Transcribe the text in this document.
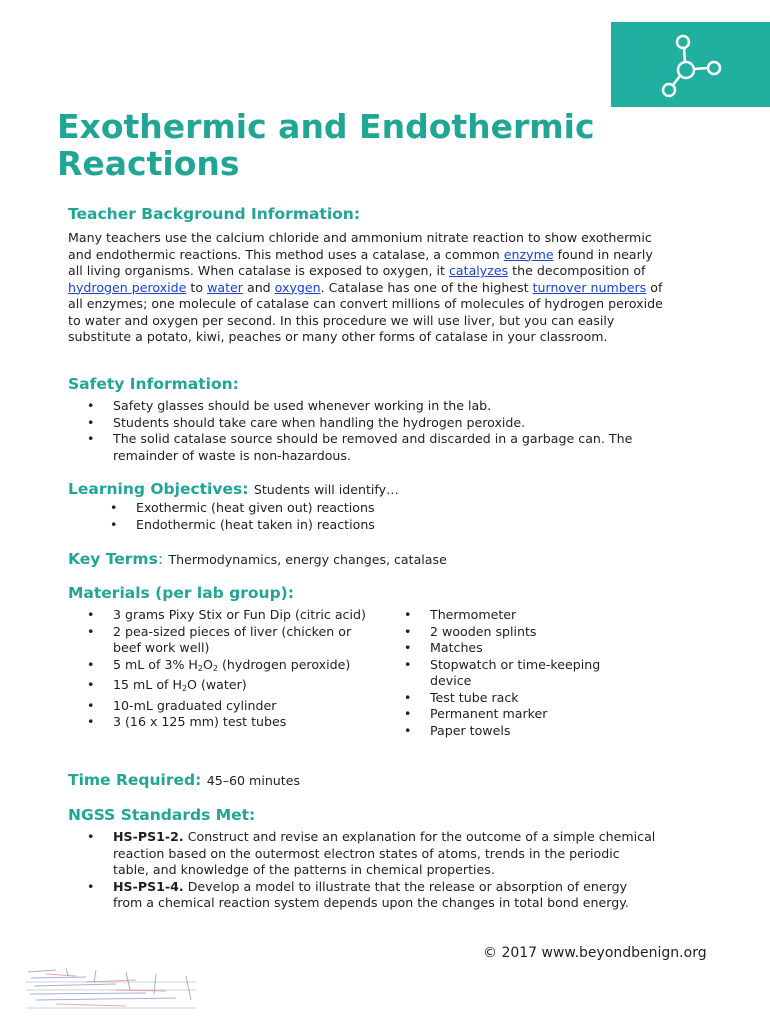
Exothermic and Endothermic Reactions
Teacher Background Information:

Many teachers use the calcium chloride and ammonium nitrate reaction to show exothermic and endothermic reactions. This method uses a catalase, a common enzyme found in nearly all living organisms. When catalase is exposed to oxygen, it catalyzes the decomposition of hydrogen peroxide to water and oxygen. Catalase has one of the highest turnover numbers of all enzymes; one molecule of catalase can convert millions of molecules of hydrogen peroxide to water and oxygen per second. In this procedure we will use liver, but you can easily substitute a potato, kiwi, peaches or many other forms of catalase in your classroom.

Safety Information:
• Safety glasses should be used whenever working in the lab.
• Students should take care when handling the hydrogen peroxide.
• The solid catalase source should be removed and discarded in a garbage can. The remainder of waste is non-hazardous.
Learning Objectives: Students will identify…
• Exothermic (heat given out) reactions
• Endothermic (heat taken in) reactions
Key Terms: Thermodynamics, energy changes, catalase
Materials (per lab group):
• 3 grams Pixy Stix or Fun Dip (citric acid)
• 2 pea-sized pieces of liver (chicken or beef work well)
• 5 mL of 3% $H_2O_2$ (hydrogen peroxide)
• 15 mL of $H_2O$ (water)
• 10-mL graduated cylinder
• 3 (16 x 125 mm) test tubes
• Thermometer
• 2 wooden splints
• Matches
• Stopwatch or time-keeping device
• Test tube rack
• Permanent marker
• Paper towels
Time Required: 45–60 minutes
NGSS Standards Met:
• HS-PS1-2. Construct and revise an explanation for the outcome of a simple chemical reaction based on the outermost electron states of atoms, trends in the periodic table, and knowledge of the patterns in chemical properties.
• HS-PS1-4. Develop a model to illustrate that the release or absorption of energy from a chemical reaction system depends upon the changes in total bond energy.
© 2017 www.beyondbenign.org
